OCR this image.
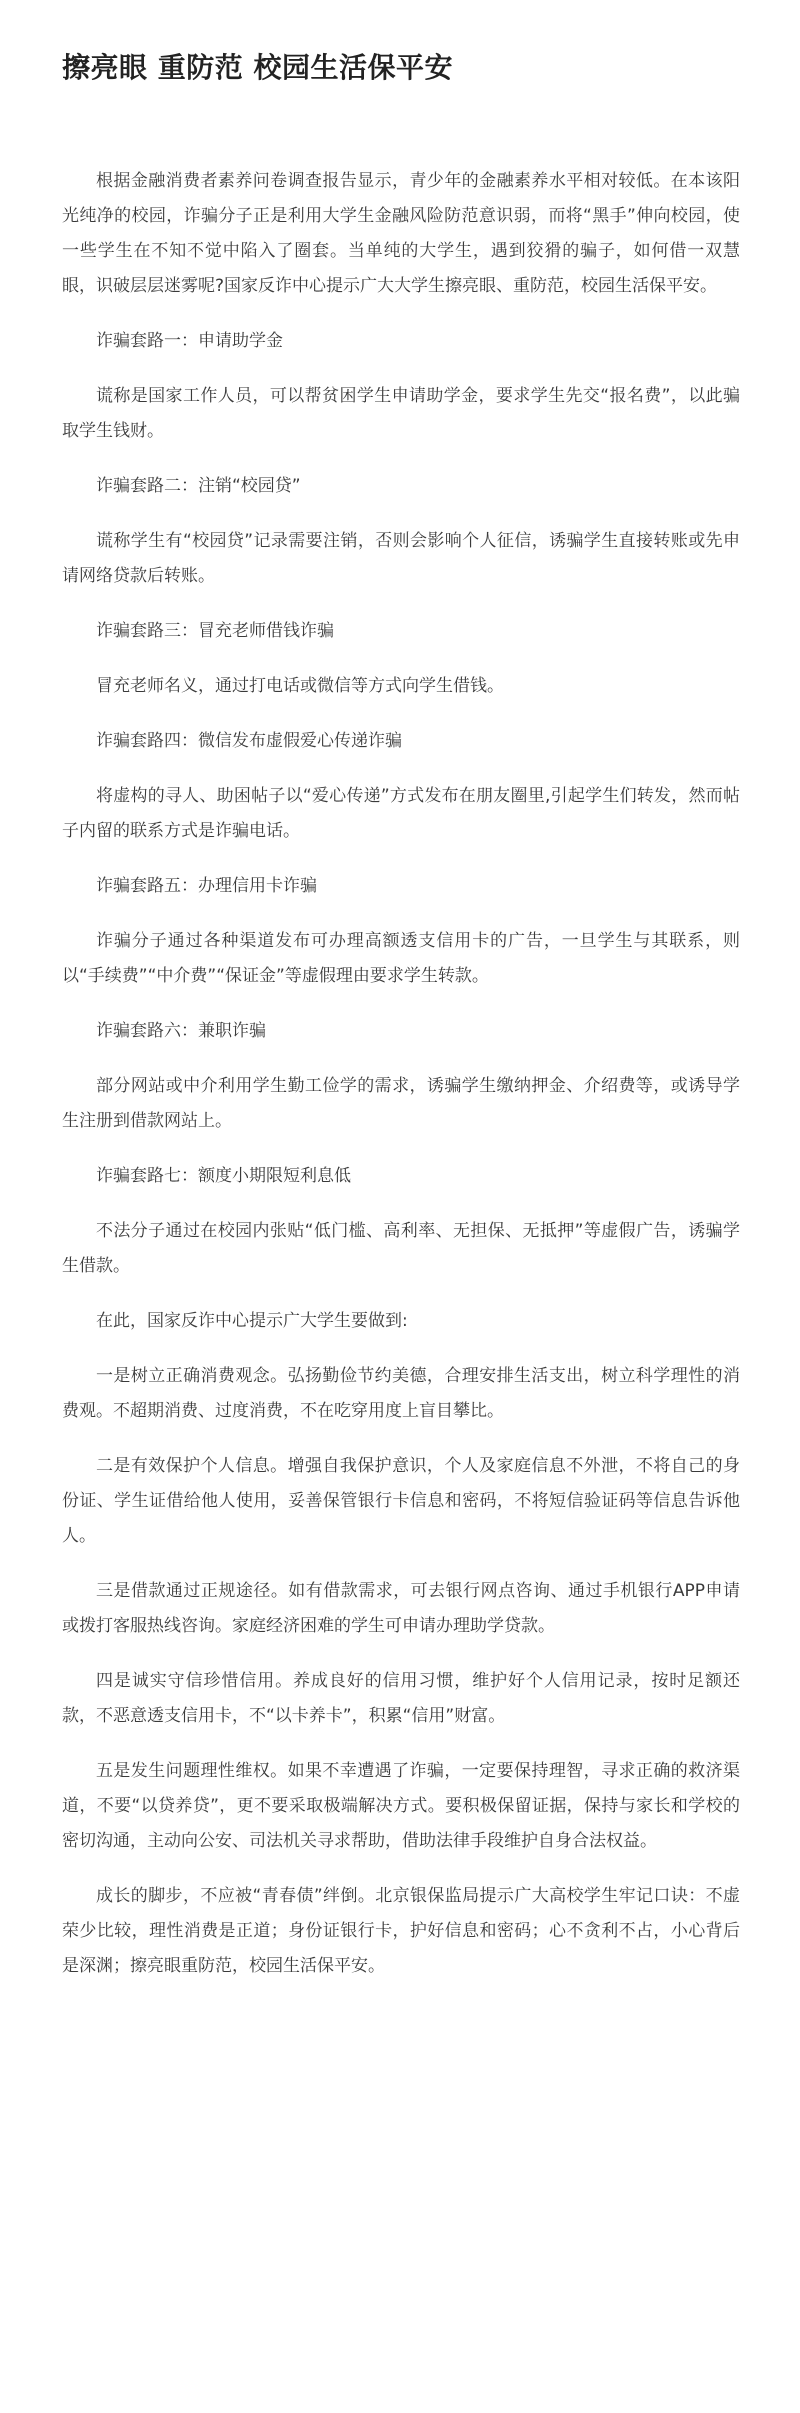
擦亮眼 重防范 校园生活保平安

根据金融消费者素养问卷调查报告显示，青少年的金融素养水平相对较低。在本该阳光纯净的校园，诈骗分子正是利用大学生金融风险防范意识弱，而将“黑手”伸向校园，使一些学生在不知不觉中陷入了圈套。当单纯的大学生，遇到狡猾的骗子，如何借一双慧眼，识破层层迷雾呢?国家反诈中心提示广大大学生擦亮眼、重防范，校园生活保平安。

诈骗套路一：申请助学金

谎称是国家工作人员，可以帮贫困学生申请助学金，要求学生先交“报名费”，以此骗取学生钱财。

诈骗套路二：注销“校园贷”

谎称学生有“校园贷”记录需要注销，否则会影响个人征信，诱骗学生直接转账或先申请网络贷款后转账。

诈骗套路三：冒充老师借钱诈骗

冒充老师名义，通过打电话或微信等方式向学生借钱。

诈骗套路四：微信发布虚假爱心传递诈骗

将虚构的寻人、助困帖子以“爱心传递”方式发布在朋友圈里,引起学生们转发，然而帖子内留的联系方式是诈骗电话。

诈骗套路五：办理信用卡诈骗

诈骗分子通过各种渠道发布可办理高额透支信用卡的广告，一旦学生与其联系，则以“手续费”“中介费”“保证金”等虚假理由要求学生转款。

诈骗套路六：兼职诈骗

部分网站或中介利用学生勤工俭学的需求，诱骗学生缴纳押金、介绍费等，或诱导学生注册到借款网站上。

诈骗套路七：额度小期限短利息低

不法分子通过在校园内张贴“低门槛、高利率、无担保、无抵押”等虚假广告，诱骗学生借款。

在此，国家反诈中心提示广大学生要做到:

一是树立正确消费观念。弘扬勤俭节约美德，合理安排生活支出，树立科学理性的消费观。不超期消费、过度消费，不在吃穿用度上盲目攀比。

二是有效保护个人信息。增强自我保护意识，个人及家庭信息不外泄，不将自己的身份证、学生证借给他人使用，妥善保管银行卡信息和密码，不将短信验证码等信息告诉他人。

三是借款通过正规途径。如有借款需求，可去银行网点咨询、通过手机银行APP申请或拨打客服热线咨询。家庭经济困难的学生可申请办理助学贷款。

四是诚实守信珍惜信用。养成良好的信用习惯，维护好个人信用记录，按时足额还款，不恶意透支信用卡，不“以卡养卡”，积累“信用”财富。

五是发生问题理性维权。如果不幸遭遇了诈骗，一定要保持理智，寻求正确的救济渠道，不要“以贷养贷”，更不要采取极端解决方式。要积极保留证据，保持与家长和学校的密切沟通，主动向公安、司法机关寻求帮助，借助法律手段维护自身合法权益。

成长的脚步，不应被“青春债”绊倒。北京银保监局提示广大高校学生牢记口诀：不虚荣少比较，理性消费是正道；身份证银行卡，护好信息和密码；心不贪利不占，小心背后是深渊；擦亮眼重防范，校园生活保平安。
